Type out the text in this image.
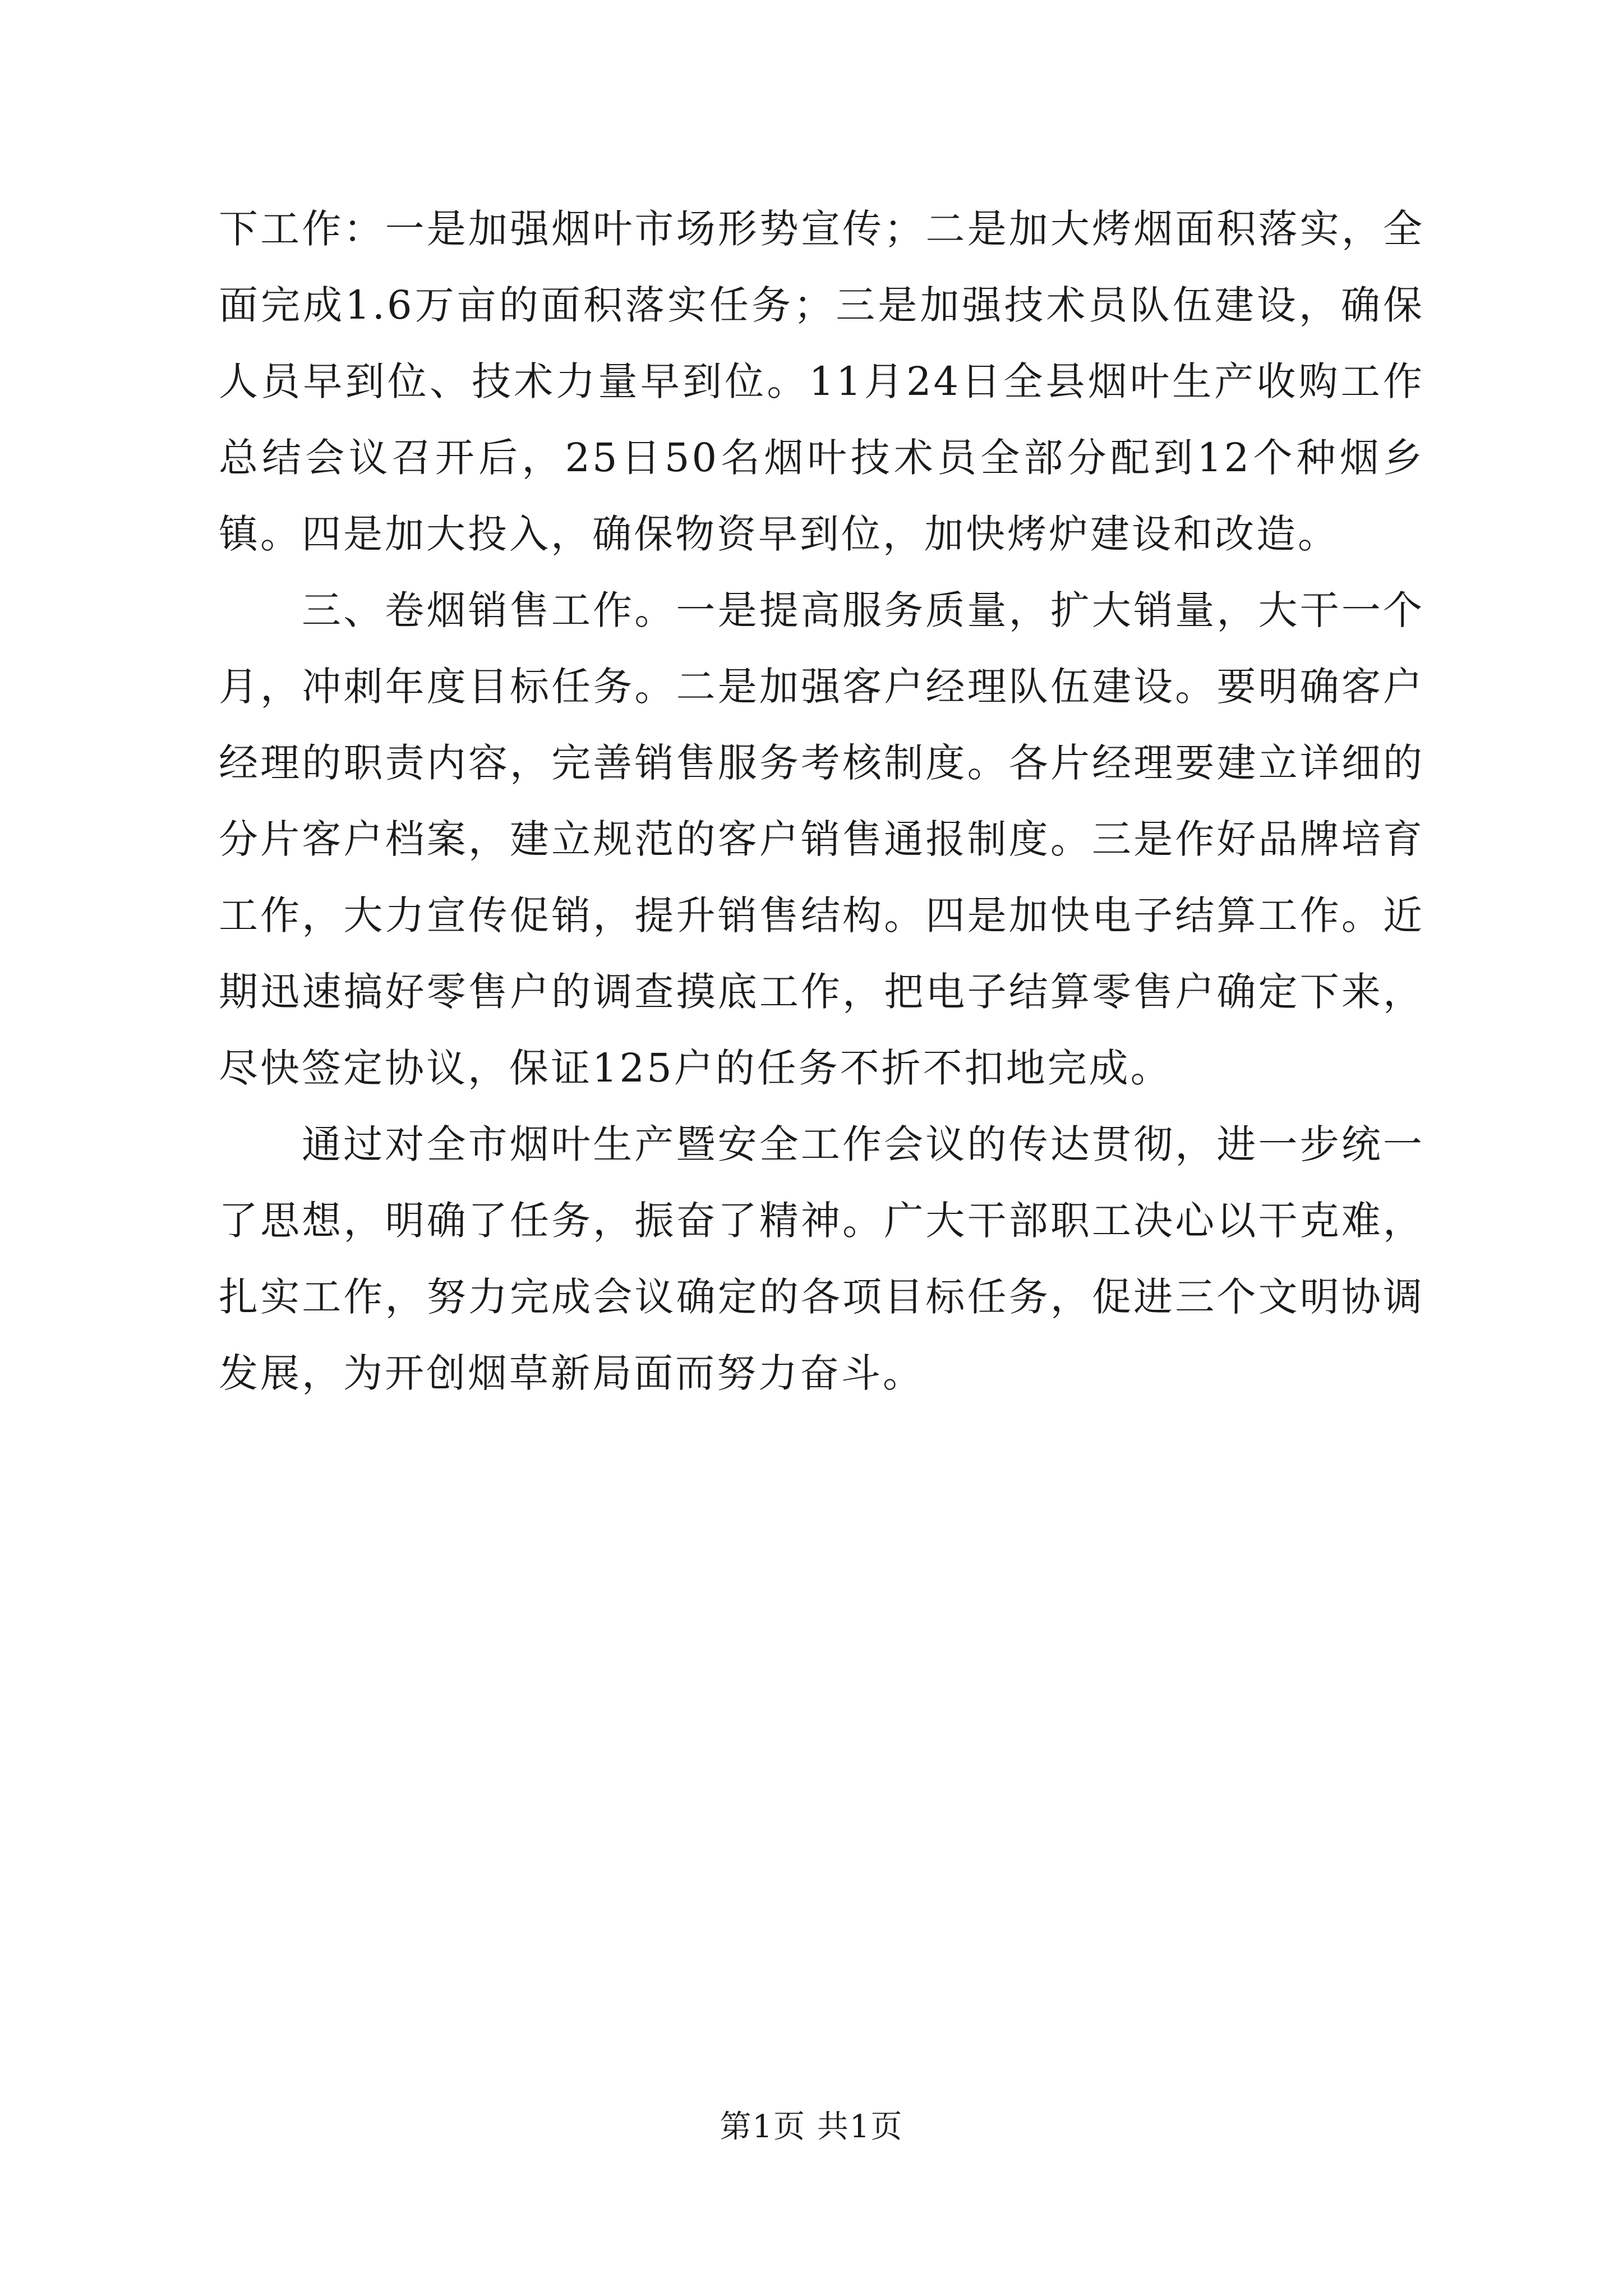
下工作：一是加强烟叶市场形势宣传；二是加大烤烟面积落实，全面完成1.6万亩的面积落实任务；三是加强技术员队伍建设，确保人员早到位、技术力量早到位。11月24日全县烟叶生产收购工作总结会议召开后，25日50名烟叶技术员全部分配到12个种烟乡镇。四是加大投入，确保物资早到位，加快烤炉建设和改造。

三、卷烟销售工作。一是提高服务质量，扩大销量，大干一个月，冲刺年度目标任务。二是加强客户经理队伍建设。要明确客户经理的职责内容，完善销售服务考核制度。各片经理要建立详细的分片客户档案，建立规范的客户销售通报制度。三是作好品牌培育工作，大力宣传促销，提升销售结构。四是加快电子结算工作。近期迅速搞好零售户的调查摸底工作，把电子结算零售户确定下来，尽快签定协议，保证125户的任务不折不扣地完成。

通过对全市烟叶生产暨安全工作会议的传达贯彻，进一步统一了思想，明确了任务，振奋了精神。广大干部职工决心以干克难，扎实工作，努力完成会议确定的各项目标任务，促进三个文明协调发展，为开创烟草新局面而努力奋斗。

第1页 共1页
